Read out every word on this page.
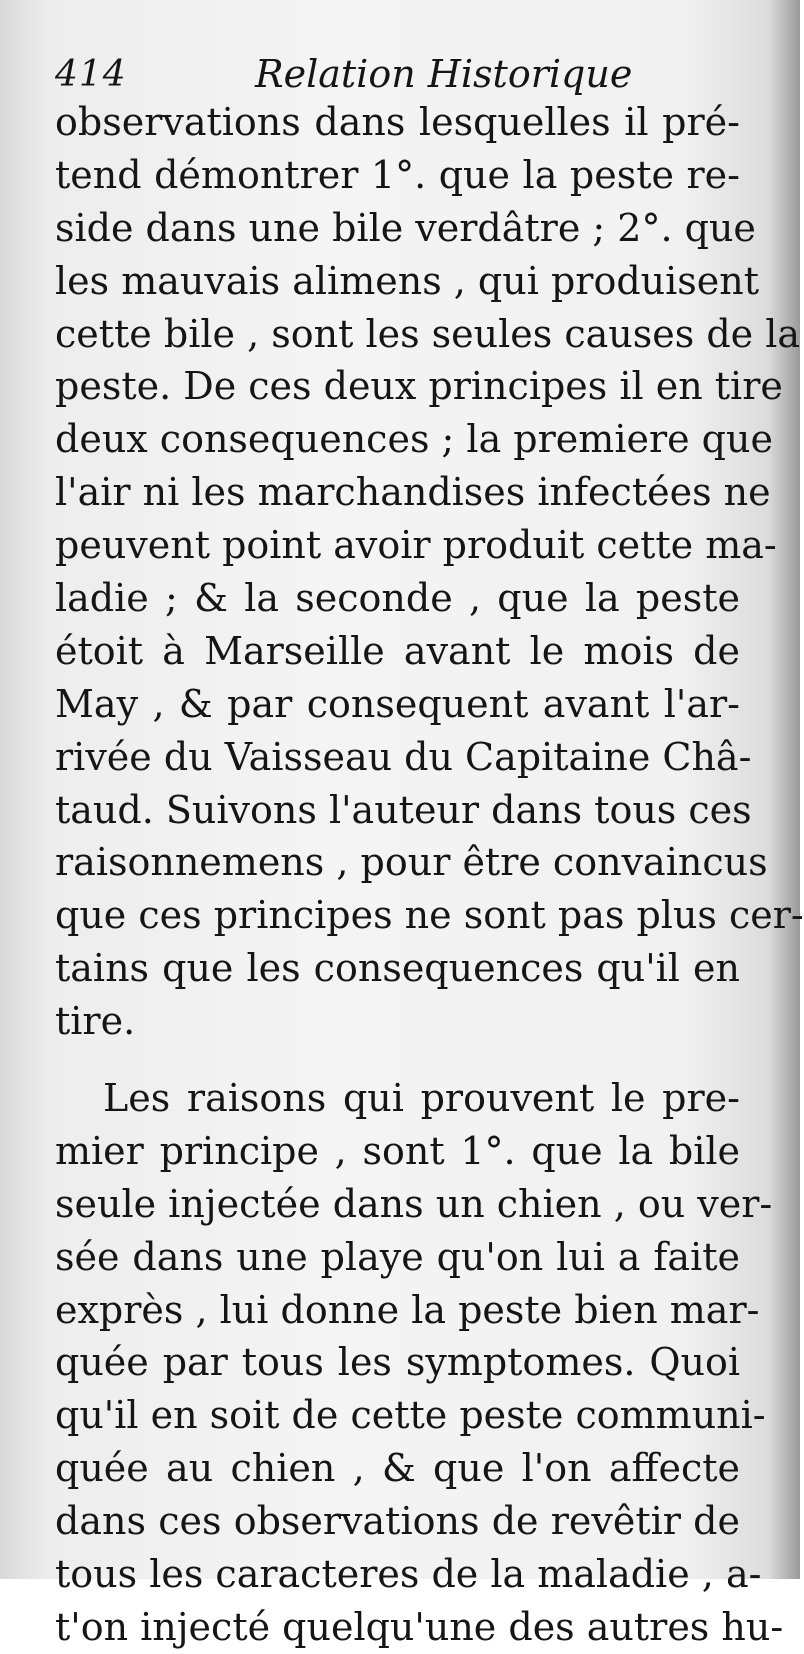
414	Relation Historique
observations dans lesquelles il pré-
tend démontrer 1°. que la peste re-
side dans une bile verdâtre ; 2°. que
les mauvais alimens , qui produisent
cette bile , sont les seules causes de la
peste. De ces deux principes il en tire
deux consequences ; la premiere que
l'air ni les marchandises infectées ne
peuvent point avoir produit cette ma-
ladie ; & la seconde , que la peste
étoit à Marseille avant le mois de
May , & par consequent avant l'ar-
rivée du Vaisseau du Capitaine Châ-
taud. Suivons l'auteur dans tous ces
raisonnemens , pour être convaincus
que ces principes ne sont pas plus cer-
tains que les consequences qu'il en
tire.
Les raisons qui prouvent le pre-
mier principe , sont 1°. que la bile
seule injectée dans un chien , ou ver-
sée dans une playe qu'on lui a faite
exprès , lui donne la peste bien mar-
quée par tous les symptomes. Quoi
qu'il en soit de cette peste communi-
quée au chien , & que l'on affecte
dans ces observations de revêtir de
tous les caracteres de la maladie , a-
t'on injecté quelqu'une des autres hu-
